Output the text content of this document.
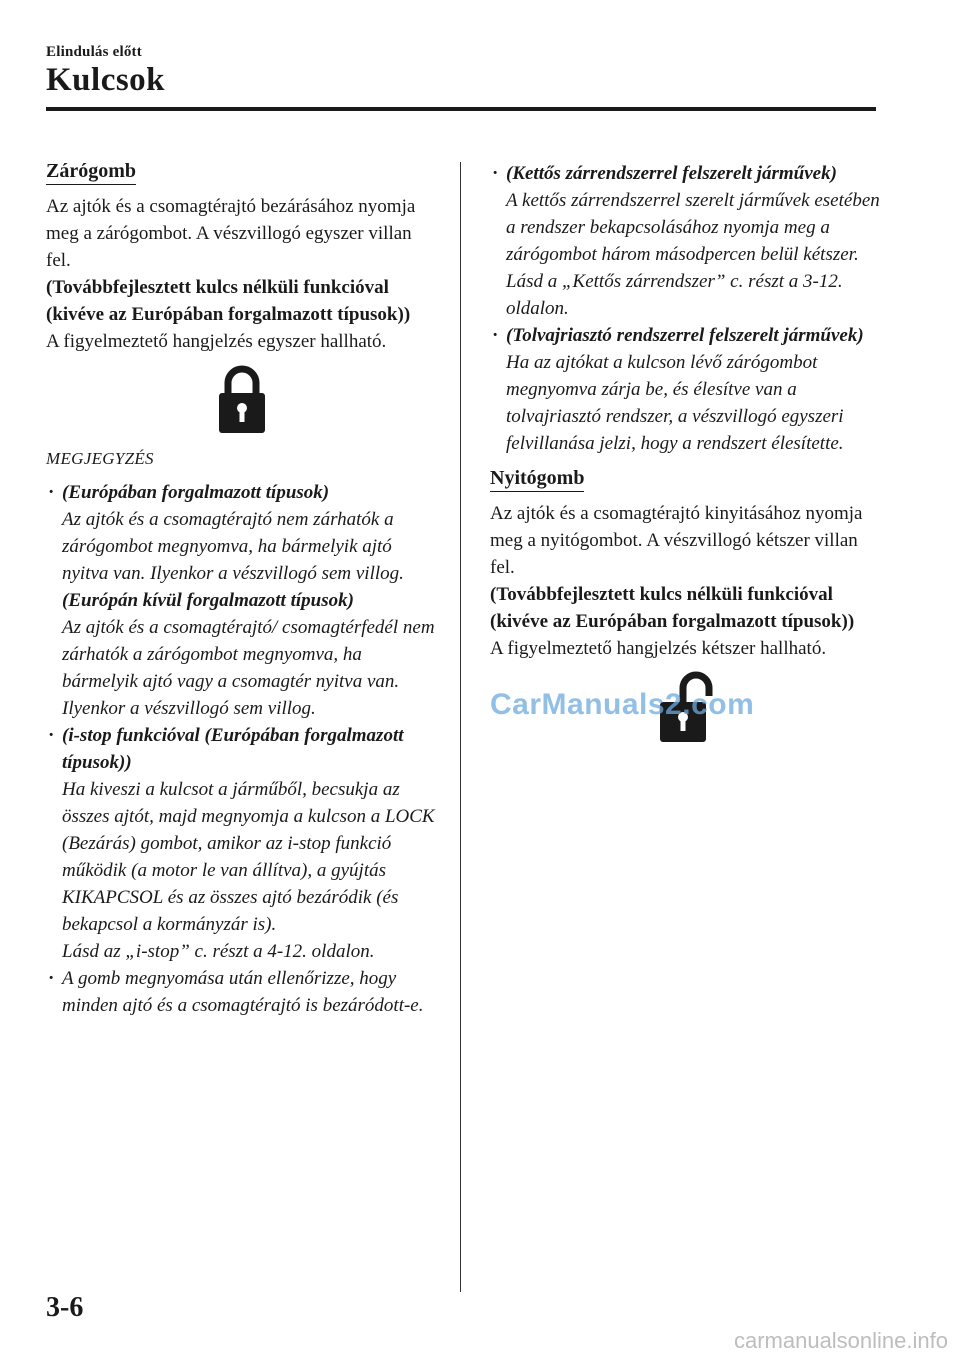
Elindulás előtt
Kulcsok
Zárógomb

Az ajtók és a csomagtérajtó bezárásához nyomja meg a zárógombot. A vészvillogó egyszer villan fel.

(Továbbfejlesztett kulcs nélküli funkcióval (kivéve az Európában forgalmazott típusok))

A figyelmeztető hangjelzés egyszer hallható.

MEGJEGYZÉS
· (Európában forgalmazott típusok)

Az ajtók és a csomagtérajtó nem zárhatók a zárógombot megnyomva, ha bármelyik ajtó nyitva van. Ilyenkor a vészvillogó sem villog.

(Európán kívül forgalmazott típusok)

Az ajtók és a csomagtérajtó/ csomagtérfedél nem zárhatók a zárógombot megnyomva, ha bármelyik ajtó vagy a csomagtér nyitva van. Ilyenkor a vészvillogó sem villog.

· (i-stop funkcióval (Európában forgalmazott típusok))

Ha kiveszi a kulcsot a járműből, becsukja az összes ajtót, majd megnyomja a kulcson a LOCK (Bezárás) gombot, amikor az i-stop funkció működik (a motor le van állítva), a gyújtás KIKAPCSOL és az összes ajtó bezáródik (és bekapcsol a kormányzár is).

Lásd az „i-stop” c. részt a 4-12. oldalon.

· A gomb megnyomása után ellenőrizze, hogy minden ajtó és a csomagtérajtó is bezáródott-e.

· (Kettős zárrendszerrel felszerelt járművek)

A kettős zárrendszerrel szerelt járművek esetében a rendszer bekapcsolásához nyomja meg a zárógombot három másodpercen belül kétszer.

Lásd a „Kettős zárrendszer” c. részt a 3-12. oldalon.

· (Tolvajriasztó rendszerrel felszerelt járművek)

Ha az ajtókat a kulcson lévő zárógombot megnyomva zárja be, és élesítve van a tolvajriasztó rendszer, a vészvillogó egyszeri felvillanása jelzi, hogy a rendszert élesítette.

Nyitógomb

Az ajtók és a csomagtérajtó kinyitásához nyomja meg a nyitógombot. A vészvillogó kétszer villan fel.

(Továbbfejlesztett kulcs nélküli funkcióval (kivéve az Európában forgalmazott típusok))

A figyelmeztető hangjelzés kétszer hallható.

CarManuals2.com
3-6
carmanualsonline.info
